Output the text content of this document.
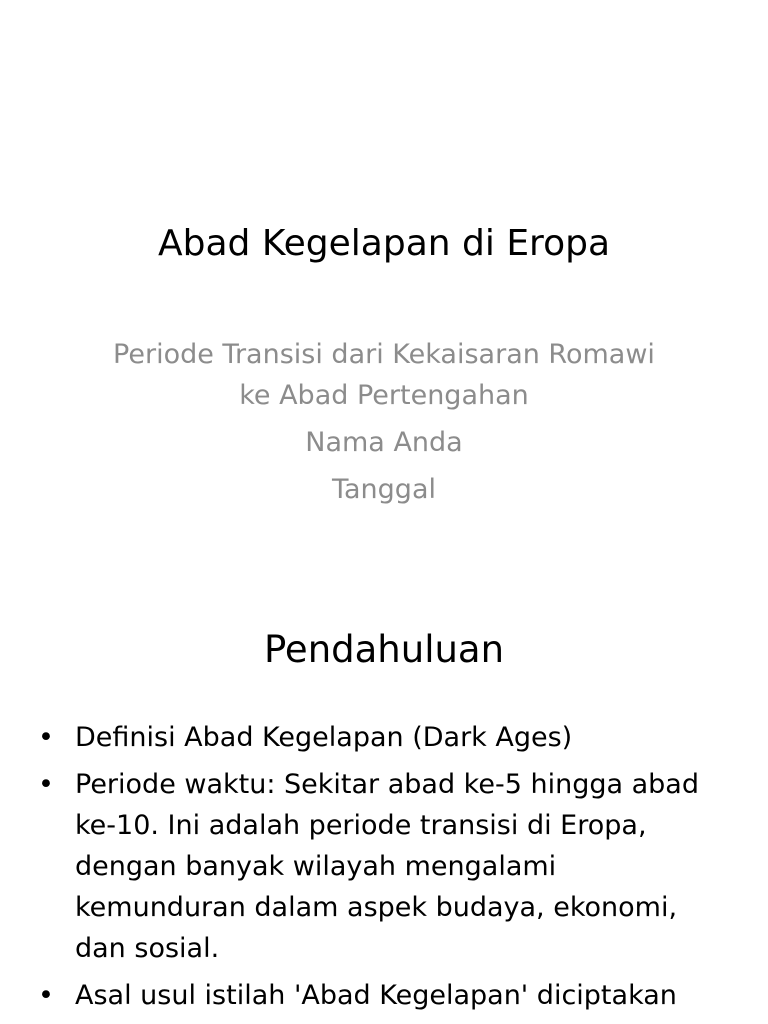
Abad Kegelapan di Eropa

Periode Transisi dari Kekaisaran Romawi ke Abad Pertengahan

Nama Anda

Tanggal

Pendahuluan
• Definisi Abad Kegelapan (Dark Ages)
• Periode waktu: Sekitar abad ke-5 hingga abad ke-10. Ini adalah periode transisi di Eropa, dengan banyak wilayah mengalami kemunduran dalam aspek budaya, ekonomi, dan sosial.
• Asal usul istilah 'Abad Kegelapan' diciptakan
